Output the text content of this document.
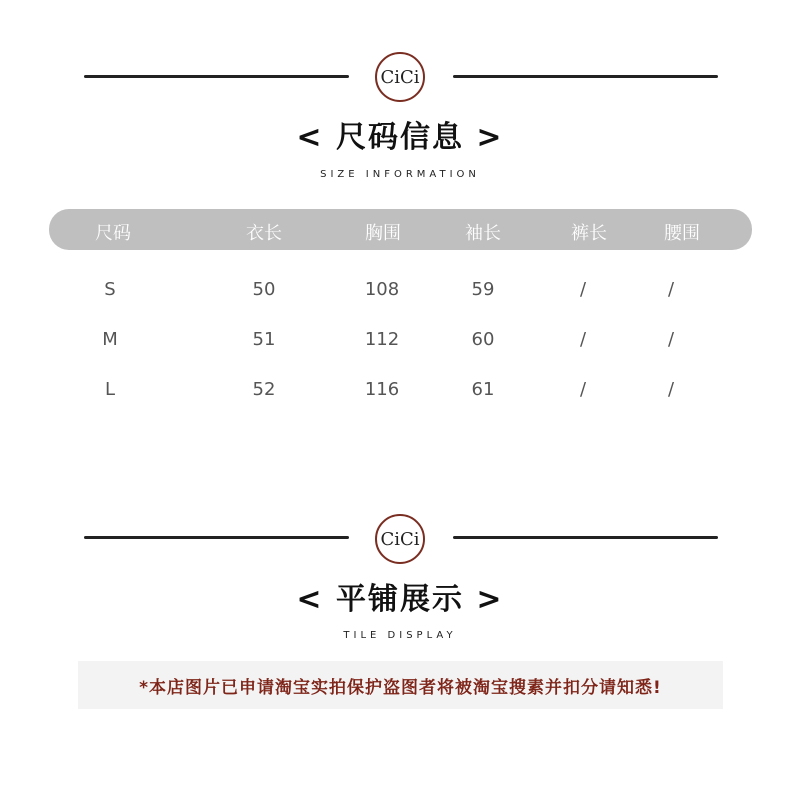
CiCi
< 尺码信息 >
SIZE INFORMATION
尺码	衣长	胸围	袖长	裤长	腰围
S	50	108	59	/	/
M	51	112	60	/	/
L	52	116	61	/	/
CiCi
< 平铺展示 >
TILE DISPLAY
*本店图片已申请淘宝实拍保护盗图者将被淘宝搜素并扣分请知悉!
